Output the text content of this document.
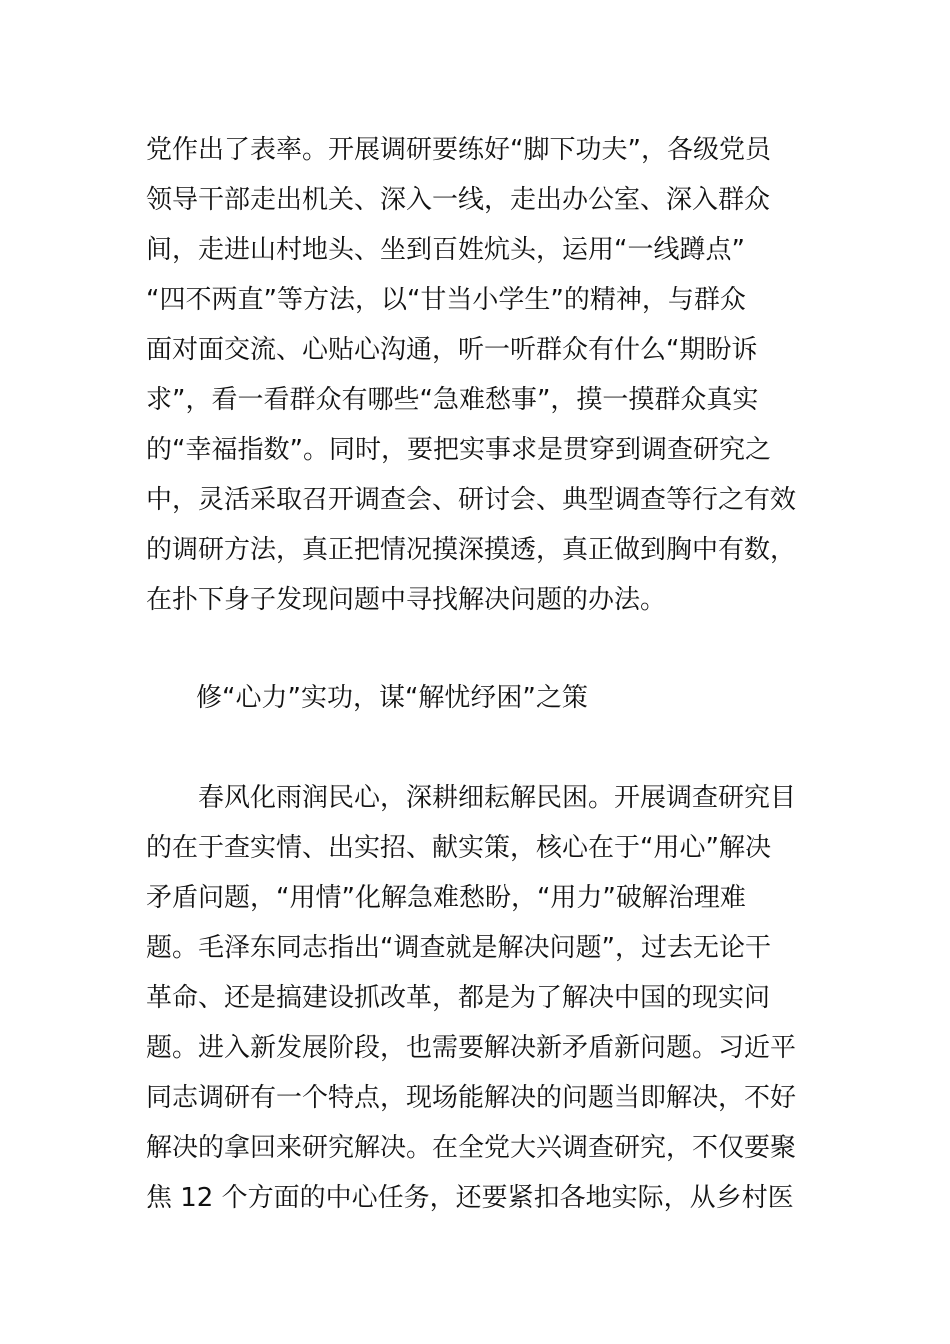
党作出了表率。开展调研要练好“脚下功夫”，各级党员
领导干部走出机关、深入一线，走出办公室、深入群众
间，走进山村地头、坐到百姓炕头，运用“一线蹲点”
“四不两直”等方法，以“甘当小学生”的精神，与群众
面对面交流、心贴心沟通，听一听群众有什么“期盼诉
求”，看一看群众有哪些“急难愁事”，摸一摸群众真实
的“幸福指数”。同时，要把实事求是贯穿到调查研究之
中，灵活采取召开调查会、研讨会、典型调查等行之有效
的调研方法，真正把情况摸深摸透，真正做到胸中有数，
在扑下身子发现问题中寻找解决问题的办法。
修“心力”实功，谋“解忧纾困”之策
　　春风化雨润民心，深耕细耘解民困。开展调查研究目
的在于查实情、出实招、献实策，核心在于“用心”解决
矛盾问题，“用情”化解急难愁盼，“用力”破解治理难
题。毛泽东同志指出“调查就是解决问题”，过去无论干
革命、还是搞建设抓改革，都是为了解决中国的现实问
题。进入新发展阶段，也需要解决新矛盾新问题。习近平
同志调研有一个特点，现场能解决的问题当即解决，不好
解决的拿回来研究解决。在全党大兴调查研究，不仅要聚
焦 12 个方面的中心任务，还要紧扣各地实际，从乡村医
